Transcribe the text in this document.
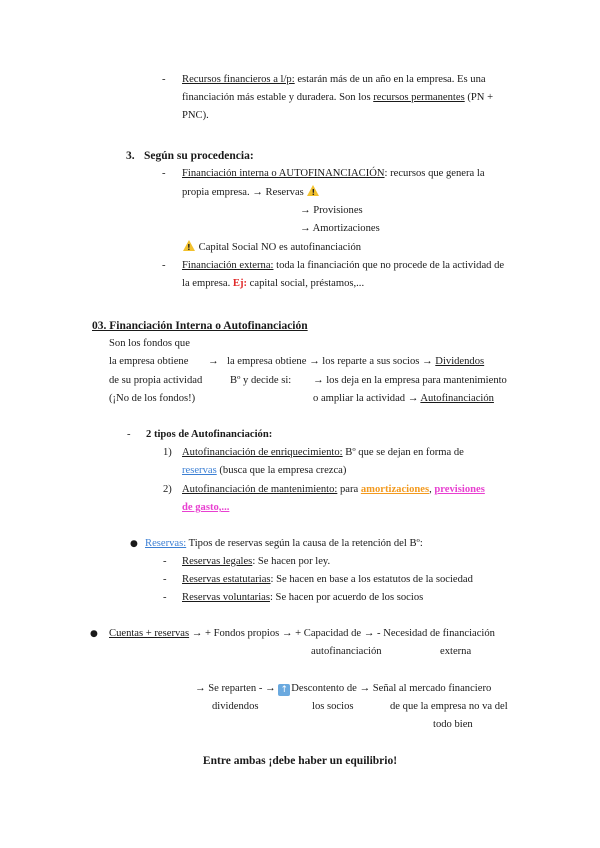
- Recursos financieros a l/p: estarán más de un año en la empresa. Es una
financiación más estable y duradera. Son los recursos permanentes (PN +
PNC).
3. Según su procedencia:
- Financiación interna o AUTOFINANCIACIÓN: recursos que genera la
propia empresa. → Reservas !
→ Provisiones
→ Amortizaciones
! Capital Social NO es autofinanciación
- Financiación externa: toda la financiación que no procede de la actividad de
la empresa. Ej: capital social, préstamos,...
03. Financiación Interna o Autofinanciación
Son los fondos que
la empresa obtiene → la empresa obtiene → los reparte a sus socios → Dividendos
de su propia actividad	Bº y decide si: → los deja en la empresa para mantenimiento
(¡No de los fondos!)	o ampliar la actividad → Autofinanciación
- 2 tipos de Autofinanciación:
1) Autofinanciación de enriquecimiento: Bº que se dejan en forma de
reservas (busca que la empresa crezca)
2) Autofinanciación de mantenimiento: para amortizaciones, previsiones
de gasto,...
● Reservas: Tipos de reservas según la causa de la retención del Bº:
- Reservas legales: Se hacen por ley.
- Reservas estatutarias: Se hacen en base a los estatutos de la sociedad
- Reservas voluntarias: Se hacen por acuerdo de los socios
● Cuentas + reservas → + Fondos propios → + Capacidad de → - Necesidad de financiación
autofinanciación	externa
→ Se reparten - → ↑ Descontento de → Señal al mercado financiero
dividendos	los socios	de que la empresa no va del
todo bien
Entre ambas ¡debe haber un equilibrio!
